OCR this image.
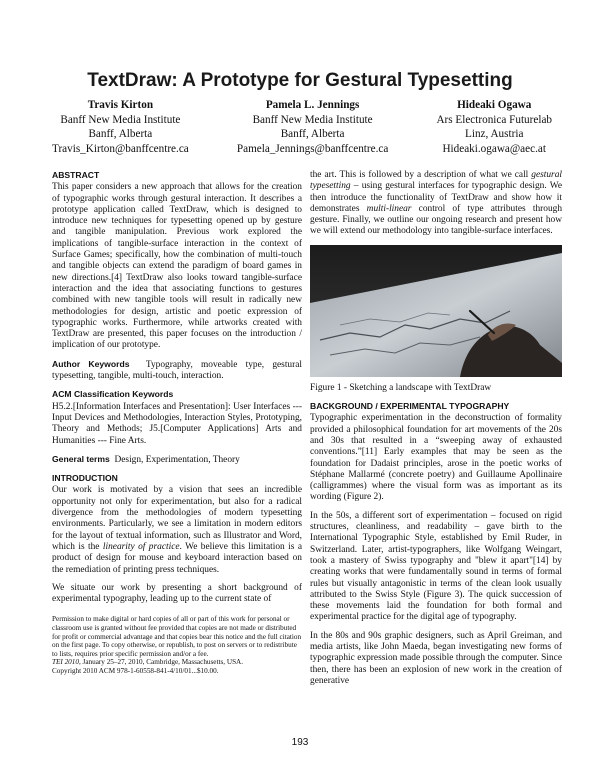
TextDraw: A Prototype for Gestural Typesetting
Travis Kirton
Banff New Media Institute
Banff, Alberta
Travis_Kirton@banffcentre.ca
Pamela L. Jennings
Banff New Media Institute
Banff, Alberta
Pamela_Jennings@banffcentre.ca
Hideaki Ogawa
Ars Electronica Futurelab
Linz, Austria
Hideaki.ogawa@aec.at
ABSTRACT

This paper considers a new approach that allows for the creation of typographic works through gestural interaction. It describes a prototype application called TextDraw, which is designed to introduce new techniques for typesetting opened up by gesture and tangible manipulation. Previous work explored the implications of tangible-surface interaction in the context of Surface Games; specifically, how the combination of multi-touch and tangible objects can extend the paradigm of board games in new directions.[4] TextDraw also looks toward tangible-surface interaction and the idea that associating functions to gestures combined with new tangible tools will result in radically new methodologies for design, artistic and poetic expression of typographic works. Furthermore, while artworks created with TextDraw are presented, this paper focuses on the introduction / implication of our prototype.

Author Keywords Typography, moveable type, gestural typesetting, tangible, multi-touch, interaction.

ACM Classification Keywords

H5.2.[Information Interfaces and Presentation]: User Interfaces --- Input Devices and Methodologies, Interaction Styles, Prototyping, Theory and Methods; J5.[Computer Applications] Arts and Humanities --- Fine Arts.

General terms Design, Experimentation, Theory

INTRODUCTION

Our work is motivated by a vision that sees an incredible opportunity not only for experimentation, but also for a radical divergence from the methodologies of modern typesetting environments. Particularly, we see a limitation in modern editors for the layout of textual information, such as Illustrator and Word, which is the linearity of practice. We believe this limitation is a product of design for mouse and keyboard interaction based on the remediation of printing press techniques.

We situate our work by presenting a short background of experimental typography, leading up to the current state of

Permission to make digital or hard copies of all or part of this work for personal or classroom use is granted without fee provided that copies are not made or distributed for profit or commercial advantage and that copies bear this notice and the full citation on the first page. To copy otherwise, or republish, to post on servers or to redistribute to lists, requires prior specific permission and/or a fee.
TEI 2010, January 25–27, 2010, Cambridge, Massachusetts, USA.
Copyright 2010 ACM 978-1-60558-841-4/10/01...$10.00.

the art. This is followed by a description of what we call gestural typesetting – using gestural interfaces for typographic design. We then introduce the functionality of TextDraw and show how it demonstrates multi-linear control of type attributes through gesture. Finally, we outline our ongoing research and present how we will extend our methodology into tangible-surface interfaces.

Figure 1 - Sketching a landscape with TextDraw

BACKGROUND / EXPERIMENTAL TYPOGRAPHY

Typographic experimentation in the deconstruction of formality provided a philosophical foundation for art movements of the 20s and 30s that resulted in a “sweeping away of exhausted conventions.”[11] Early examples that may be seen as the foundation for Dadaist principles, arose in the poetic works of Stéphane Mallarmé (concrete poetry) and Guillaume Apollinaire (calligrammes) where the visual form was as important as its wording (Figure 2).

In the 50s, a different sort of experimentation – focused on rigid structures, cleanliness, and readability – gave birth to the International Typographic Style, established by Emil Ruder, in Switzerland. Later, artist-typographers, like Wolfgang Weingart, took a mastery of Swiss typography and "blew it apart"[14] by creating works that were fundamentally sound in terms of formal rules but visually antagonistic in terms of the clean look usually attributed to the Swiss Style (Figure 3). The quick succession of these movements laid the foundation for both formal and experimental practice for the digital age of typography.

In the 80s and 90s graphic designers, such as April Greiman, and media artists, like John Maeda, began investigating new forms of typographic expression made possible through the computer. Since then, there has been an explosion of new work in the creation of generative

193
